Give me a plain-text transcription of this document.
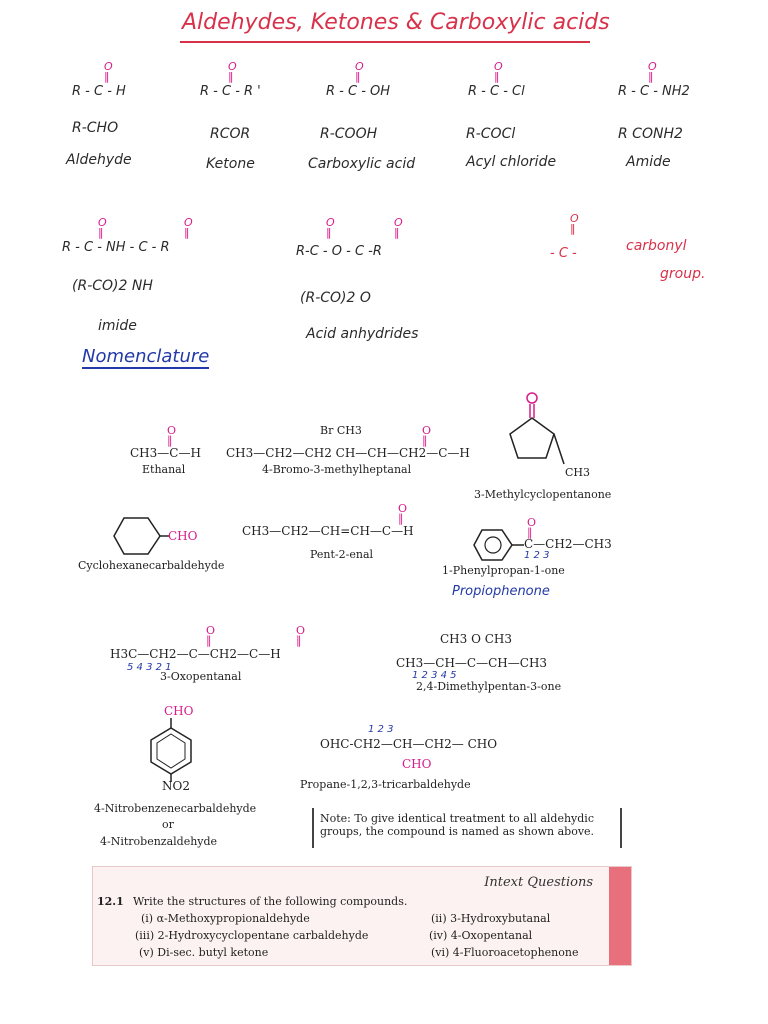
Aldehydes, Ketones & Carboxylic acids
O
‖
R - C - H
R-CHO
Aldehyde
O
‖
R - C - R '
RCOR
Ketone
O
‖
R - C - OH
R-COOH
Carboxylic acid
O
‖
R - C - Cl
R-COCl
Acyl chloride
O
‖
R - C - NH2
R CONH2
Amide
O
‖
O
‖
R - C - NH - C - R
(R-CO)2 NH
imide
O
‖
O
‖
R-C - O - C -R
(R-CO)2 O
Acid anhydrides
O
‖
- C -	carbonyl
group.
Nomenclature
O
‖
CH3—C—H
Ethanal
Br CH3	O
‖
CH3—CH2—CH2 CH—CH—CH2—C—H
4-Bromo-3-methylheptanal	CH3
3-Methylcyclopentanone
CHO
Cyclohexanecarbaldehyde
O
‖
CH3—CH2—CH=CH—C—H
Pent-2-enal
O
‖
C—CH2—CH3
1 2 3
1-Phenylpropan-1-one
Propiophenone
O
‖
O
‖
H3C—CH2—C—CH2—C—H
5 4 3 2 1
3-Oxopentanal
CH3 O CH3
CH3—CH—C—CH—CH3
1 2 3 4 5
2,4-Dimethylpentan-3-one
CHO
NO2
4-Nitrobenzenecarbaldehyde
or
4-Nitrobenzaldehyde
1 2 3
OHC-CH2—CH—CH2— CHO
CHO
Propane-1,2,3-tricarbaldehyde
Note: To give identical treatment to all aldehydic groups, the compound is named as shown above.
Intext Questions
12.1 Write the structures of the following compounds.
(i) α-Methoxypropionaldehyde	(ii) 3-Hydroxybutanal
(iii) 2-Hydroxycyclopentane carbaldehyde	(iv) 4-Oxopentanal
(v) Di-sec. butyl ketone	(vi) 4-Fluoroacetophenone
